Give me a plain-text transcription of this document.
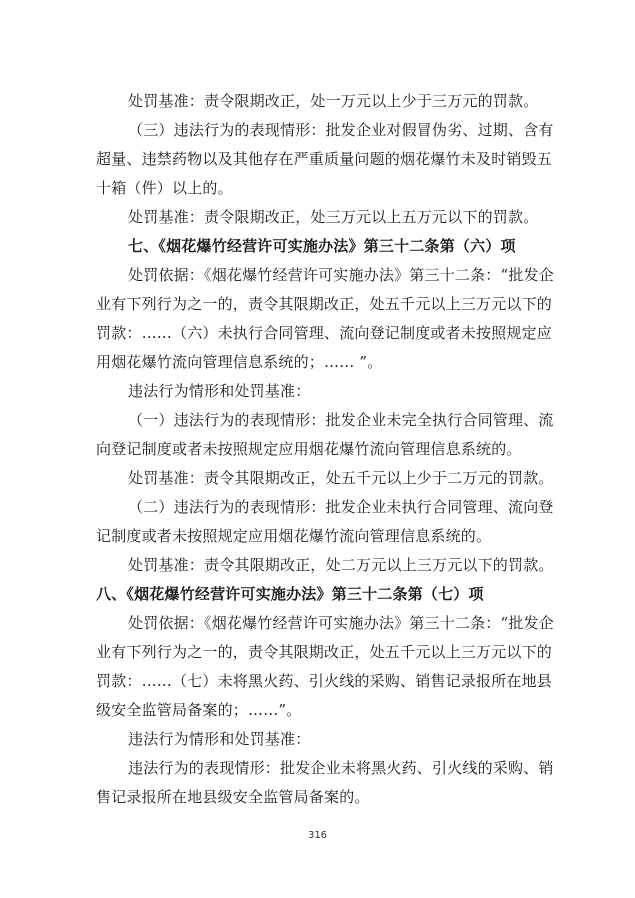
处罚基准：责令限期改正，处一万元以上少于三万元的罚款。
（三）违法行为的表现情形：批发企业对假冒伪劣、过期、含有
超量、违禁药物以及其他存在严重质量问题的烟花爆竹未及时销毁五
十箱（件）以上的。
处罚基准：责令限期改正，处三万元以上五万元以下的罚款。
七、《烟花爆竹经营许可实施办法》第三十二条第（六）项
处罚依据：《烟花爆竹经营许可实施办法》第三十二条：“批发企
业有下列行为之一的，责令其限期改正，处五千元以上三万元以下的
罚款：……（六）未执行合同管理、流向登记制度或者未按照规定应
用烟花爆竹流向管理信息系统的；…… ”。
违法行为情形和处罚基准：
（一）违法行为的表现情形：批发企业未完全执行合同管理、流
向登记制度或者未按照规定应用烟花爆竹流向管理信息系统的。
处罚基准：责令其限期改正，处五千元以上少于二万元的罚款。
（二）违法行为的表现情形：批发企业未执行合同管理、流向登
记制度或者未按照规定应用烟花爆竹流向管理信息系统的。
处罚基准：责令其限期改正，处二万元以上三万元以下的罚款。
八、《烟花爆竹经营许可实施办法》第三十二条第（七）项
处罚依据：《烟花爆竹经营许可实施办法》第三十二条：“批发企
业有下列行为之一的，责令其限期改正，处五千元以上三万元以下的
罚款：……（七）未将黑火药、引火线的采购、销售记录报所在地县
级安全监管局备案的；……”。
违法行为情形和处罚基准：
违法行为的表现情形：批发企业未将黑火药、引火线的采购、销
售记录报所在地县级安全监管局备案的。
316
